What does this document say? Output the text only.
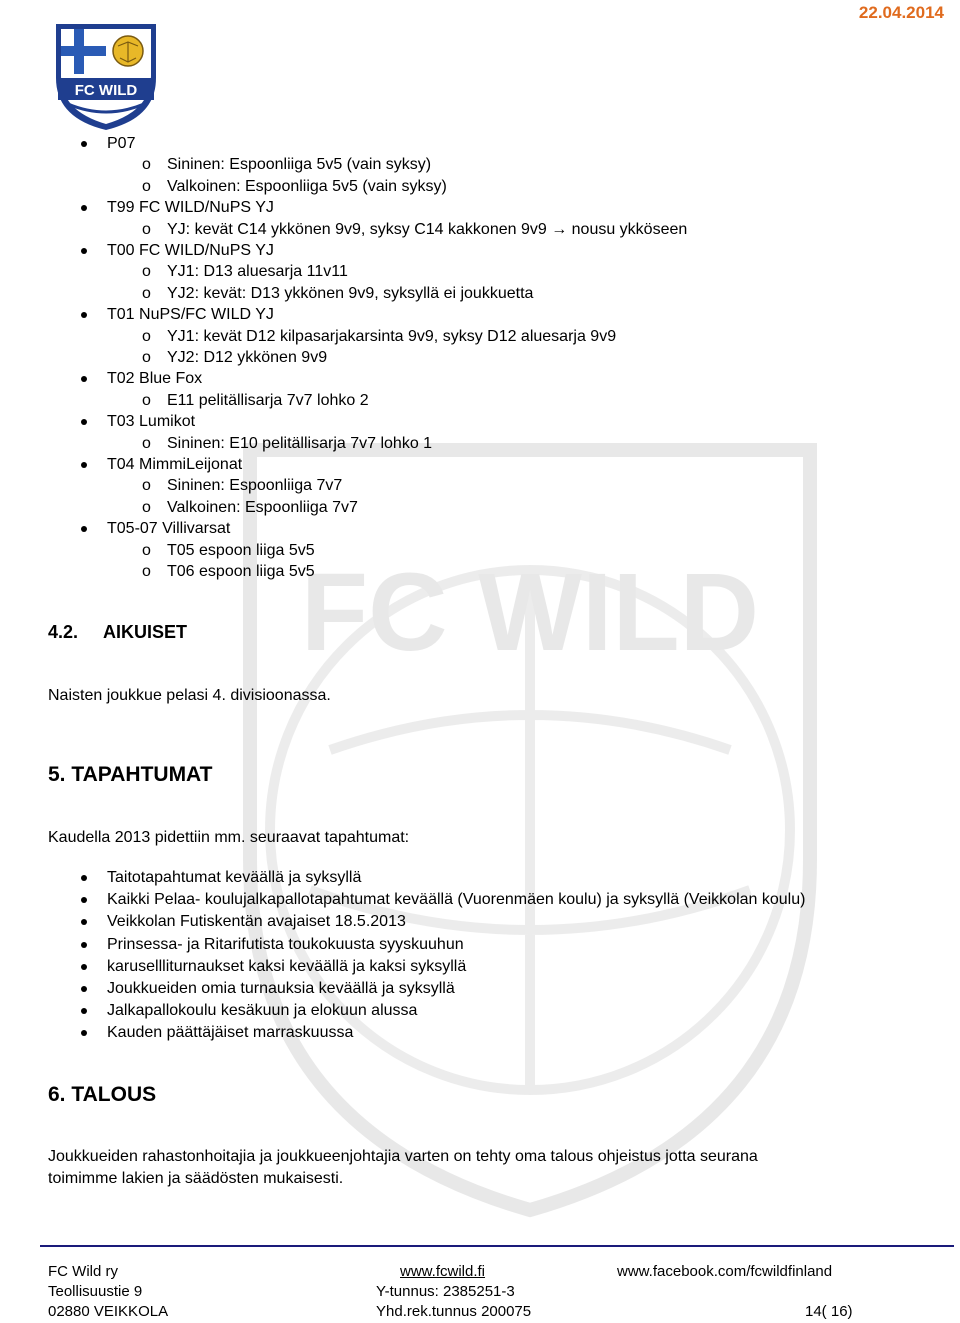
22.04.2014
FC WILD
FC WILD
P07
o Sininen: Espoonliiga 5v5 (vain syksy)
o Valkoinen: Espoonliiga 5v5 (vain syksy)
T99 FC WILD/NuPS YJ
o YJ: kevät C14 ykkönen 9v9, syksy C14 kakkonen 9v9 → nousu ykköseen
T00 FC WILD/NuPS YJ
o YJ1: D13 aluesarja 11v11
o YJ2: kevät: D13 ykkönen 9v9, syksyllä ei joukkuetta
T01 NuPS/FC WILD YJ
o YJ1: kevät D12 kilpasarjakarsinta 9v9, syksy D12 aluesarja 9v9
o YJ2: D12 ykkönen 9v9
T02 Blue Fox
o E11 pelitällisarja 7v7 lohko 2
T03 Lumikot
o Sininen: E10 pelitällisarja 7v7 lohko 1
T04 MimmiLeijonat
o Sininen: Espoonliiga 7v7
o Valkoinen: Espoonliiga 7v7
T05-07 Villivarsat
o T05 espoon liiga 5v5
o T06 espoon liiga 5v5
4.2. AIKUISET
Naisten joukkue pelasi 4. divisioonassa.
5. TAPAHTUMAT
Kaudella 2013 pidettiin mm. seuraavat tapahtumat:
Taitotapahtumat keväällä ja syksyllä
Kaikki Pelaa- koulujalkapallotapahtumat keväällä (Vuorenmäen koulu) ja syksyllä (Veikkolan koulu)
Veikkolan Futiskentän avajaiset 18.5.2013
Prinsessa- ja Ritarifutista toukokuusta syyskuuhun
karusellliturnaukset kaksi keväällä ja kaksi syksyllä
Joukkueiden omia turnauksia keväällä ja syksyllä
Jalkapallokoulu kesäkuun ja elokuun alussa
Kauden päättäjäiset marraskuussa
6. TALOUS
Joukkueiden rahastonhoitajia ja joukkueenjohtajia varten on tehty oma talous ohjeistus jotta seurana
toimimme lakien ja säädösten mukaisesti.
FC Wild ry
Teollisuustie 9
02880 VEIKKOLA
www.fcwild.fi
Y-tunnus: 2385251-3
Yhd.rek.tunnus 200075
www.facebook.com/fcwildfinland
14( 16)
